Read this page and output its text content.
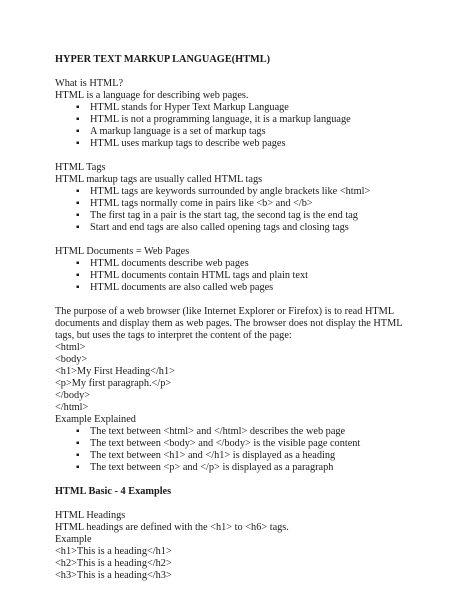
HYPER TEXT MARKUP LANGUAGE(HTML)
What is HTML?
HTML is a language for describing web pages.
▪ HTML stands for Hyper Text Markup Language
▪ HTML is not a programming language, it is a markup language
▪ A markup language is a set of markup tags
▪ HTML uses markup tags to describe web pages
HTML Tags
HTML markup tags are usually called HTML tags
▪ HTML tags are keywords surrounded by angle brackets like <html>
▪ HTML tags normally come in pairs like <b> and </b>
▪ The first tag in a pair is the start tag, the second tag is the end tag
▪ Start and end tags are also called opening tags and closing tags
HTML Documents = Web Pages
▪ HTML documents describe web pages
▪ HTML documents contain HTML tags and plain text
▪ HTML documents are also called web pages
The purpose of a web browser (like Internet Explorer or Firefox) is to read HTML documents and display them as web pages. The browser does not display the HTML tags, but uses the tags to interpret the content of the page:
<html>
<body>
<h1>My First Heading</h1>
<p>My first paragraph.</p>
</body>
</html>
Example Explained
▪ The text between <html> and </html> describes the web page
▪ The text between <body> and </body> is the visible page content
▪ The text between <h1> and </h1> is displayed as a heading
▪ The text between <p> and </p> is displayed as a paragraph
HTML Basic - 4 Examples
HTML Headings
HTML headings are defined with the <h1> to <h6> tags.
Example
<h1>This is a heading</h1>
<h2>This is a heading</h2>
<h3>This is a heading</h3>
